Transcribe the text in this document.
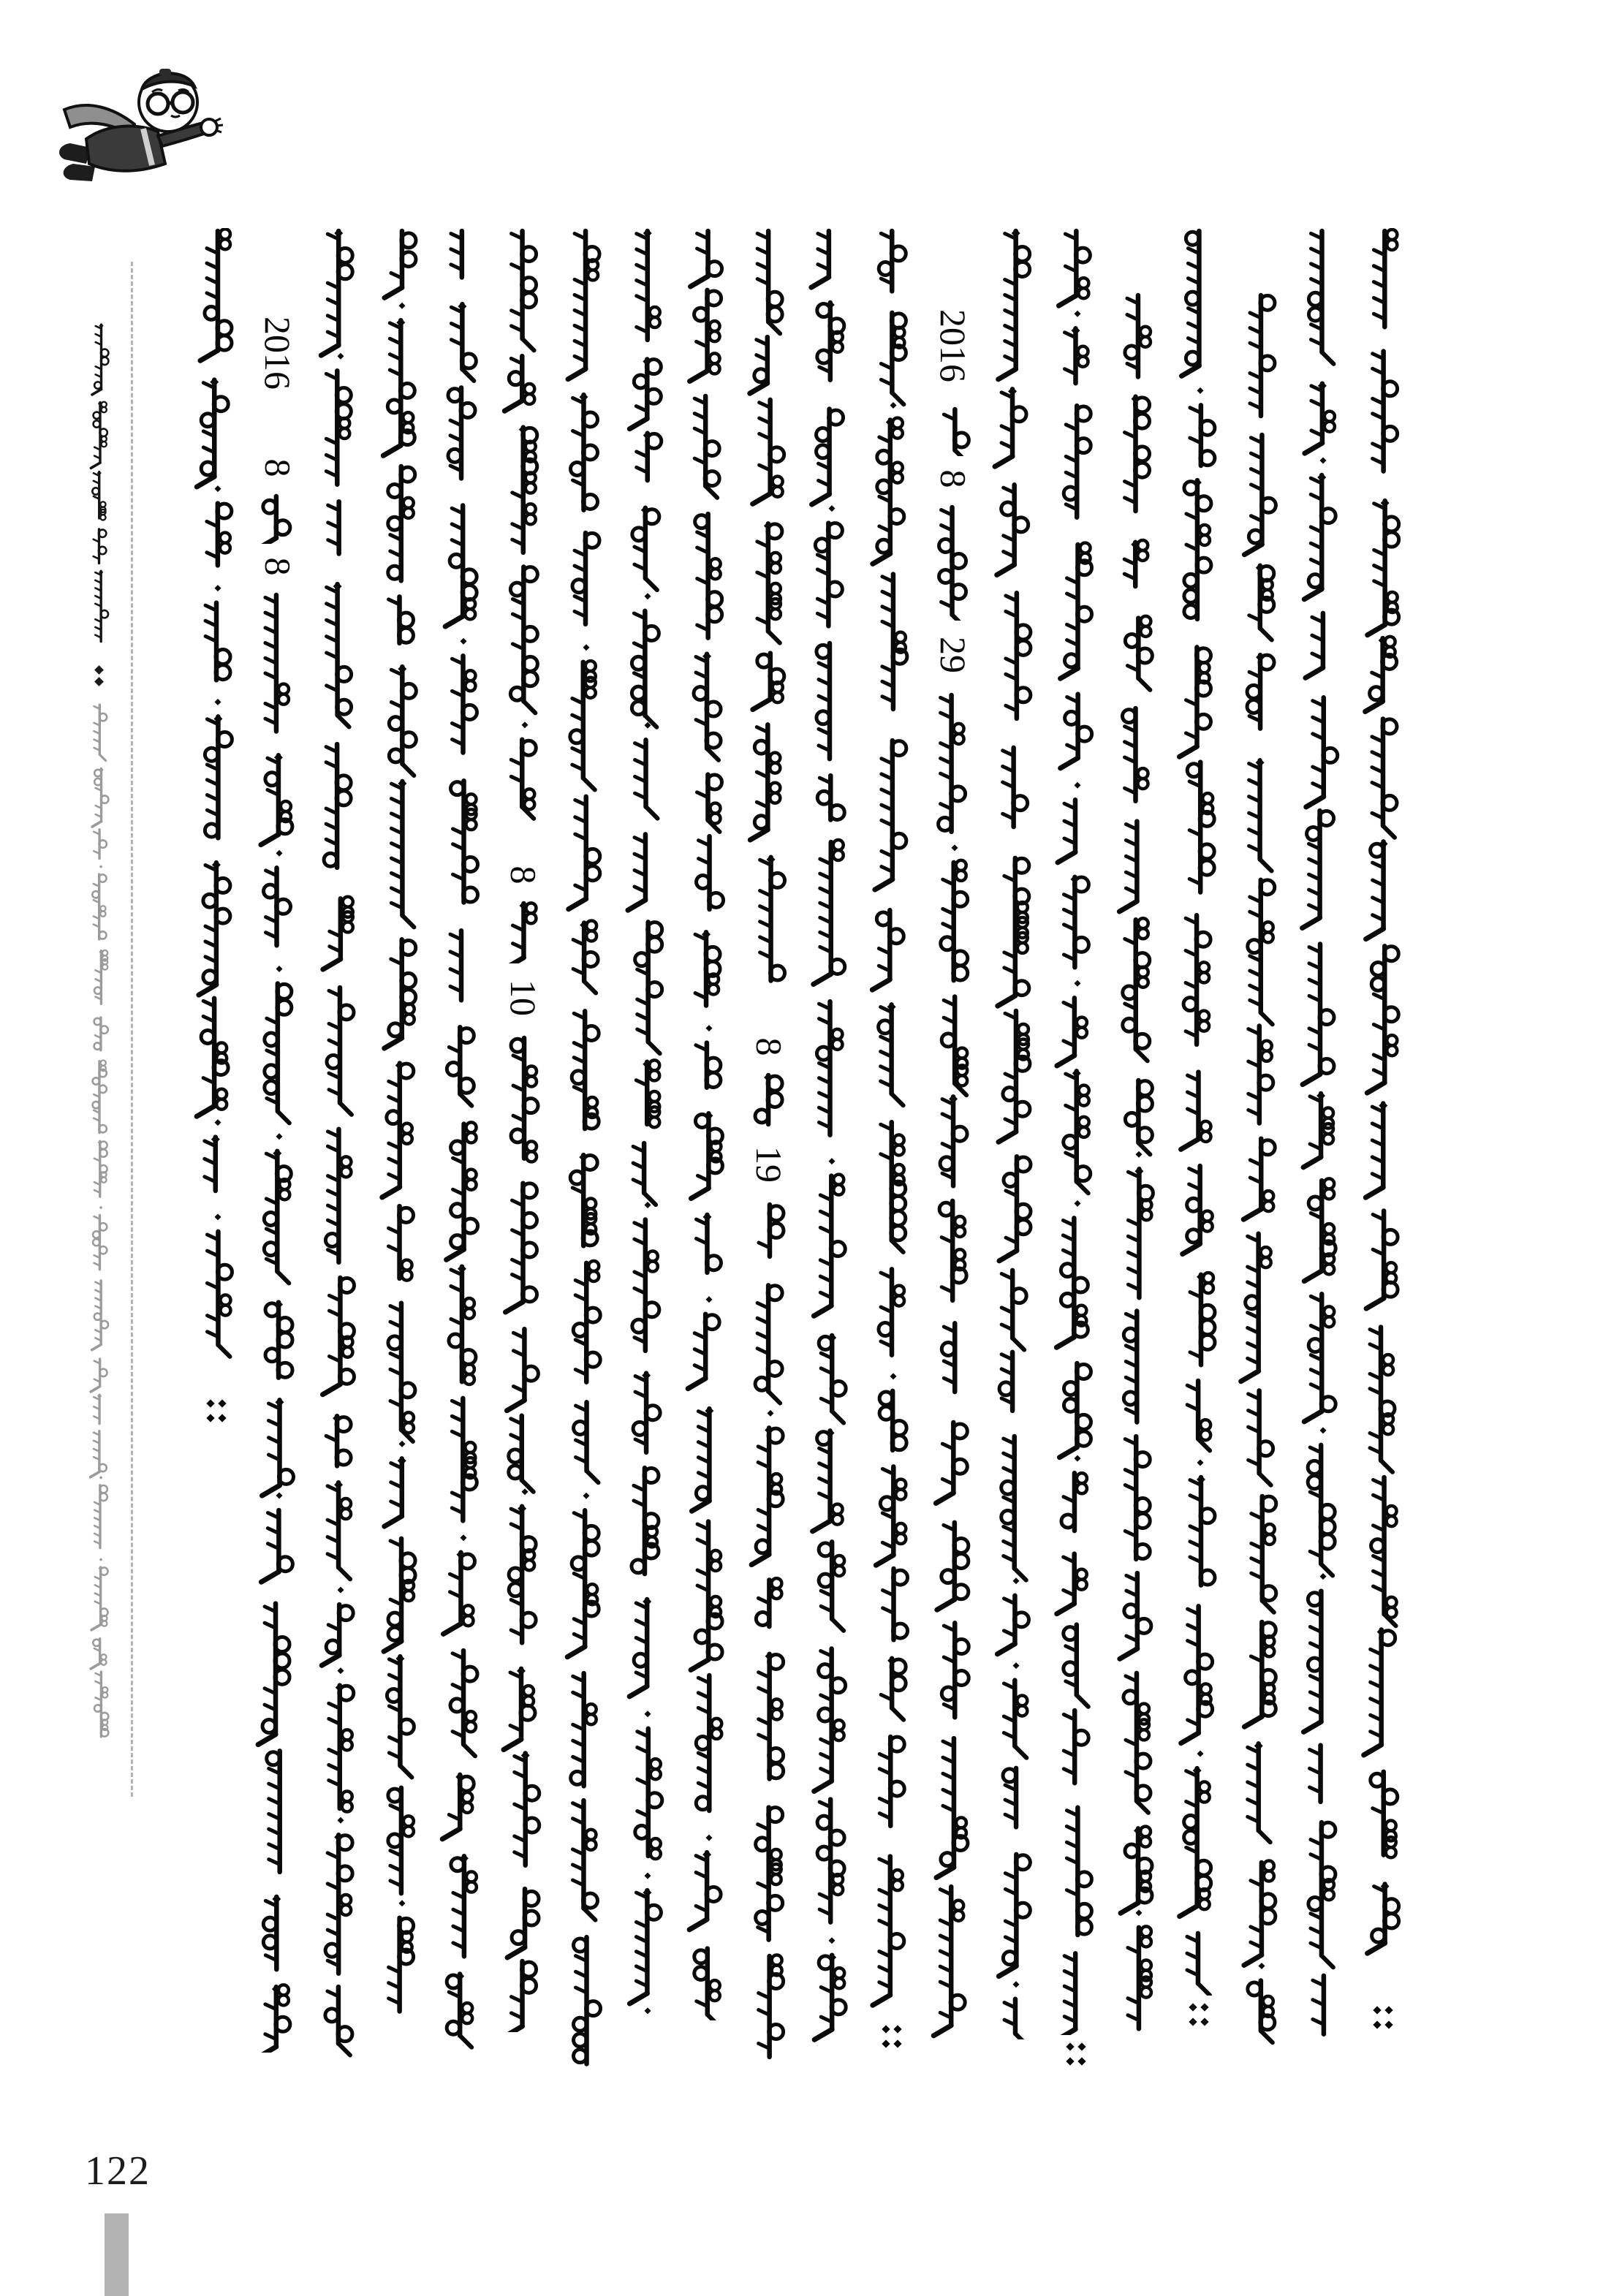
2016
8
8
8
10
8
19
2016
8
29
122
